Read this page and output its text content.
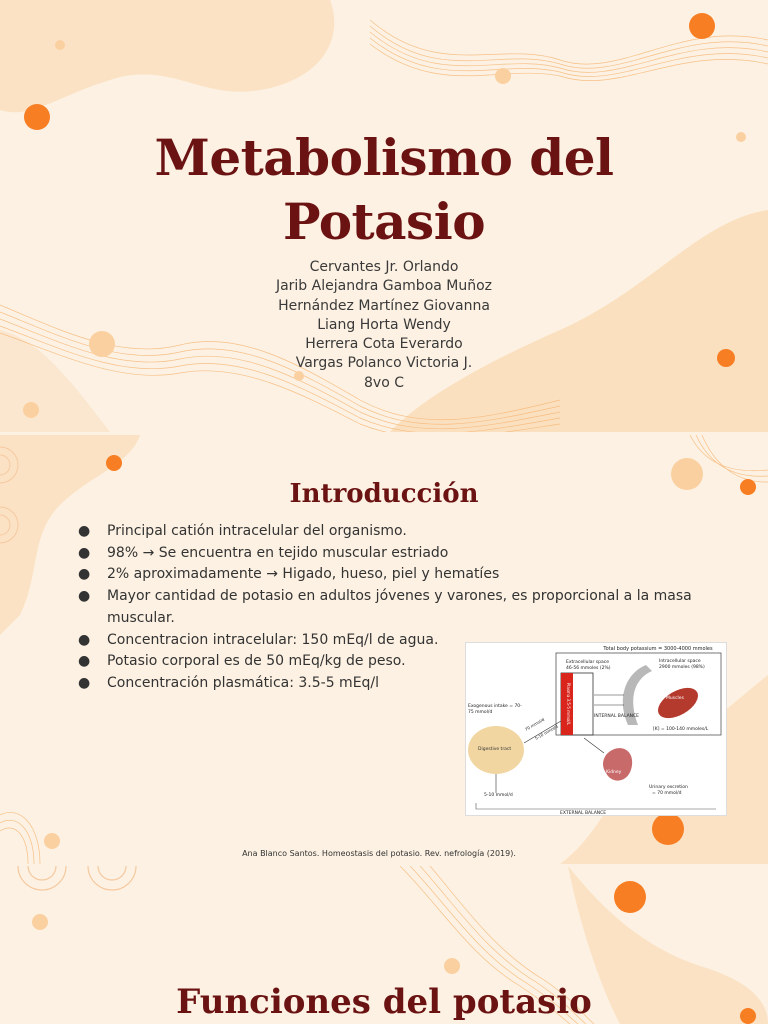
Metabolismo del
Potasio
Cervantes Jr. Orlando
Jarib Alejandra Gamboa Muñoz
Hernández Martínez Giovanna
Liang Horta Wendy
Herrera Cota Everardo
Vargas Polanco Victoria J.
8vo C
Introducción
● Principal catión intracelular del organismo.
● 98% → Se encuentra en tejido muscular estriado
● 2% aproximadamente → Higado, hueso, piel y hematíes
● Mayor cantidad de potasio en adultos jóvenes y varones, es proporcional a la masa muscular.
● Concentracion intracelular: 150 mEq/l de agua.
● Potasio corporal es de 50 mEq/kg de peso.
● Concentración plasmática: 3.5-5 mEq/l
Total body potassium = 3000-4000 mmoles
Extracellular space
46-56 mmoles (2%)
Plasma 3.5-5 mmol/L
Intracellular space
2900 mmoles (98%)
Muscles
[K] = 100-140 mmoles/L
INTERNAL BALANCE
Exogenous intake = 70-
75 mmol/d
Digestive tract
70 mmol/d
5-10 mmol/d
5-10 mmol/d
Kidney
Urinary excretion
= 70 mmol/d
EXTERNAL BALANCE
Ana Blanco Santos. Homeostasis del potasio. Rev. nefrología (2019).
Funciones del potasio
